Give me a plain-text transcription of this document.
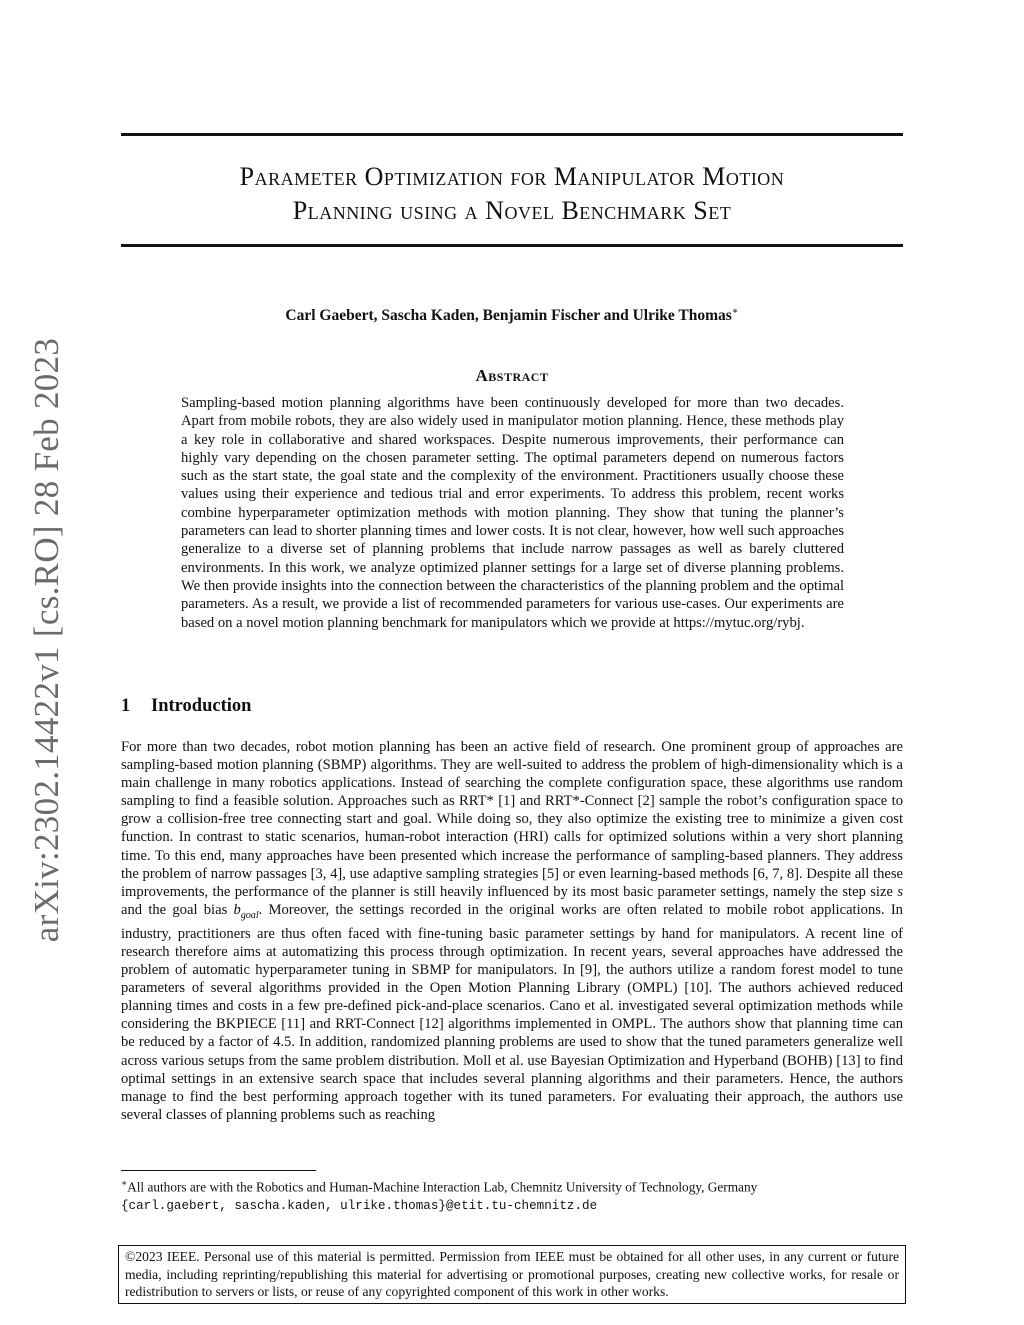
arXiv:2302.14422v1 [cs.RO] 28 Feb 2023
Parameter Optimization for Manipulator Motion
Planning using a Novel Benchmark Set
Carl Gaebert, Sascha Kaden, Benjamin Fischer and Ulrike Thomas∗
Abstract
Sampling-based motion planning algorithms have been continuously developed for more than two decades. Apart from mobile robots, they are also widely used in manipulator motion planning. Hence, these methods play a key role in collaborative and shared workspaces. Despite numerous improvements, their performance can highly vary depending on the chosen parameter setting. The optimal parameters depend on numerous factors such as the start state, the goal state and the complexity of the environment. Practitioners usually choose these values using their experience and tedious trial and error experiments. To address this problem, recent works combine hyperparameter optimization methods with motion planning. They show that tuning the planner’s parameters can lead to shorter planning times and lower costs. It is not clear, however, how well such approaches generalize to a diverse set of planning problems that include narrow passages as well as barely cluttered environments. In this work, we analyze optimized planner settings for a large set of diverse planning problems. We then provide insights into the connection between the characteristics of the planning problem and the optimal parameters. As a result, we provide a list of recommended parameters for various use-cases. Our experiments are based on a novel motion planning benchmark for manipulators which we provide at https://mytuc.org/rybj.
1 Introduction
For more than two decades, robot motion planning has been an active field of research. One prominent group of approaches are sampling-based motion planning (SBMP) algorithms. They are well-suited to address the problem of high-dimensionality which is a main challenge in many robotics applications. Instead of searching the complete configuration space, these algorithms use random sampling to find a feasible solution. Approaches such as RRT* [1] and RRT*-Connect [2] sample the robot’s configuration space to grow a collision-free tree connecting start and goal. While doing so, they also optimize the existing tree to minimize a given cost function. In contrast to static scenarios, human-robot interaction (HRI) calls for optimized solutions within a very short planning time. To this end, many approaches have been presented which increase the performance of sampling-based planners. They address the problem of narrow passages [3, 4], use adaptive sampling strategies [5] or even learning-based methods [6, 7, 8]. Despite all these improvements, the performance of the planner is still heavily influenced by its most basic parameter settings, namely the step size s and the goal bias $b_{goal}$. Moreover, the settings recorded in the original works are often related to mobile robot applications. In industry, practitioners are thus often faced with fine-tuning basic parameter settings by hand for manipulators. A recent line of research therefore aims at automatizing this process through optimization. In recent years, several approaches have addressed the problem of automatic hyperparameter tuning in SBMP for manipulators. In [9], the authors utilize a random forest model to tune parameters of several algorithms provided in the Open Motion Planning Library (OMPL) [10]. The authors achieved reduced planning times and costs in a few pre-defined pick-and-place scenarios. Cano et al. investigated several optimization methods while considering the BKPIECE [11] and RRT-Connect [12] algorithms implemented in OMPL. The authors show that planning time can be reduced by a factor of 4.5. In addition, randomized planning problems are used to show that the tuned parameters generalize well across various setups from the same problem distribution. Moll et al. use Bayesian Optimization and Hyperband (BOHB) [13] to find optimal settings in an extensive search space that includes several planning algorithms and their parameters. Hence, the authors manage to find the best performing approach together with its tuned parameters. For evaluating their approach, the authors use several classes of planning problems such as reaching
∗All authors are with the Robotics and Human-Machine Interaction Lab, Chemnitz University of Technology, Germany
{carl.gaebert, sascha.kaden, ulrike.thomas}@etit.tu-chemnitz.de
©2023 IEEE. Personal use of this material is permitted. Permission from IEEE must be obtained for all other uses, in any current or future media, including reprinting/republishing this material for advertising or promotional purposes, creating new collective works, for resale or redistribution to servers or lists, or reuse of any copyrighted component of this work in other works.
